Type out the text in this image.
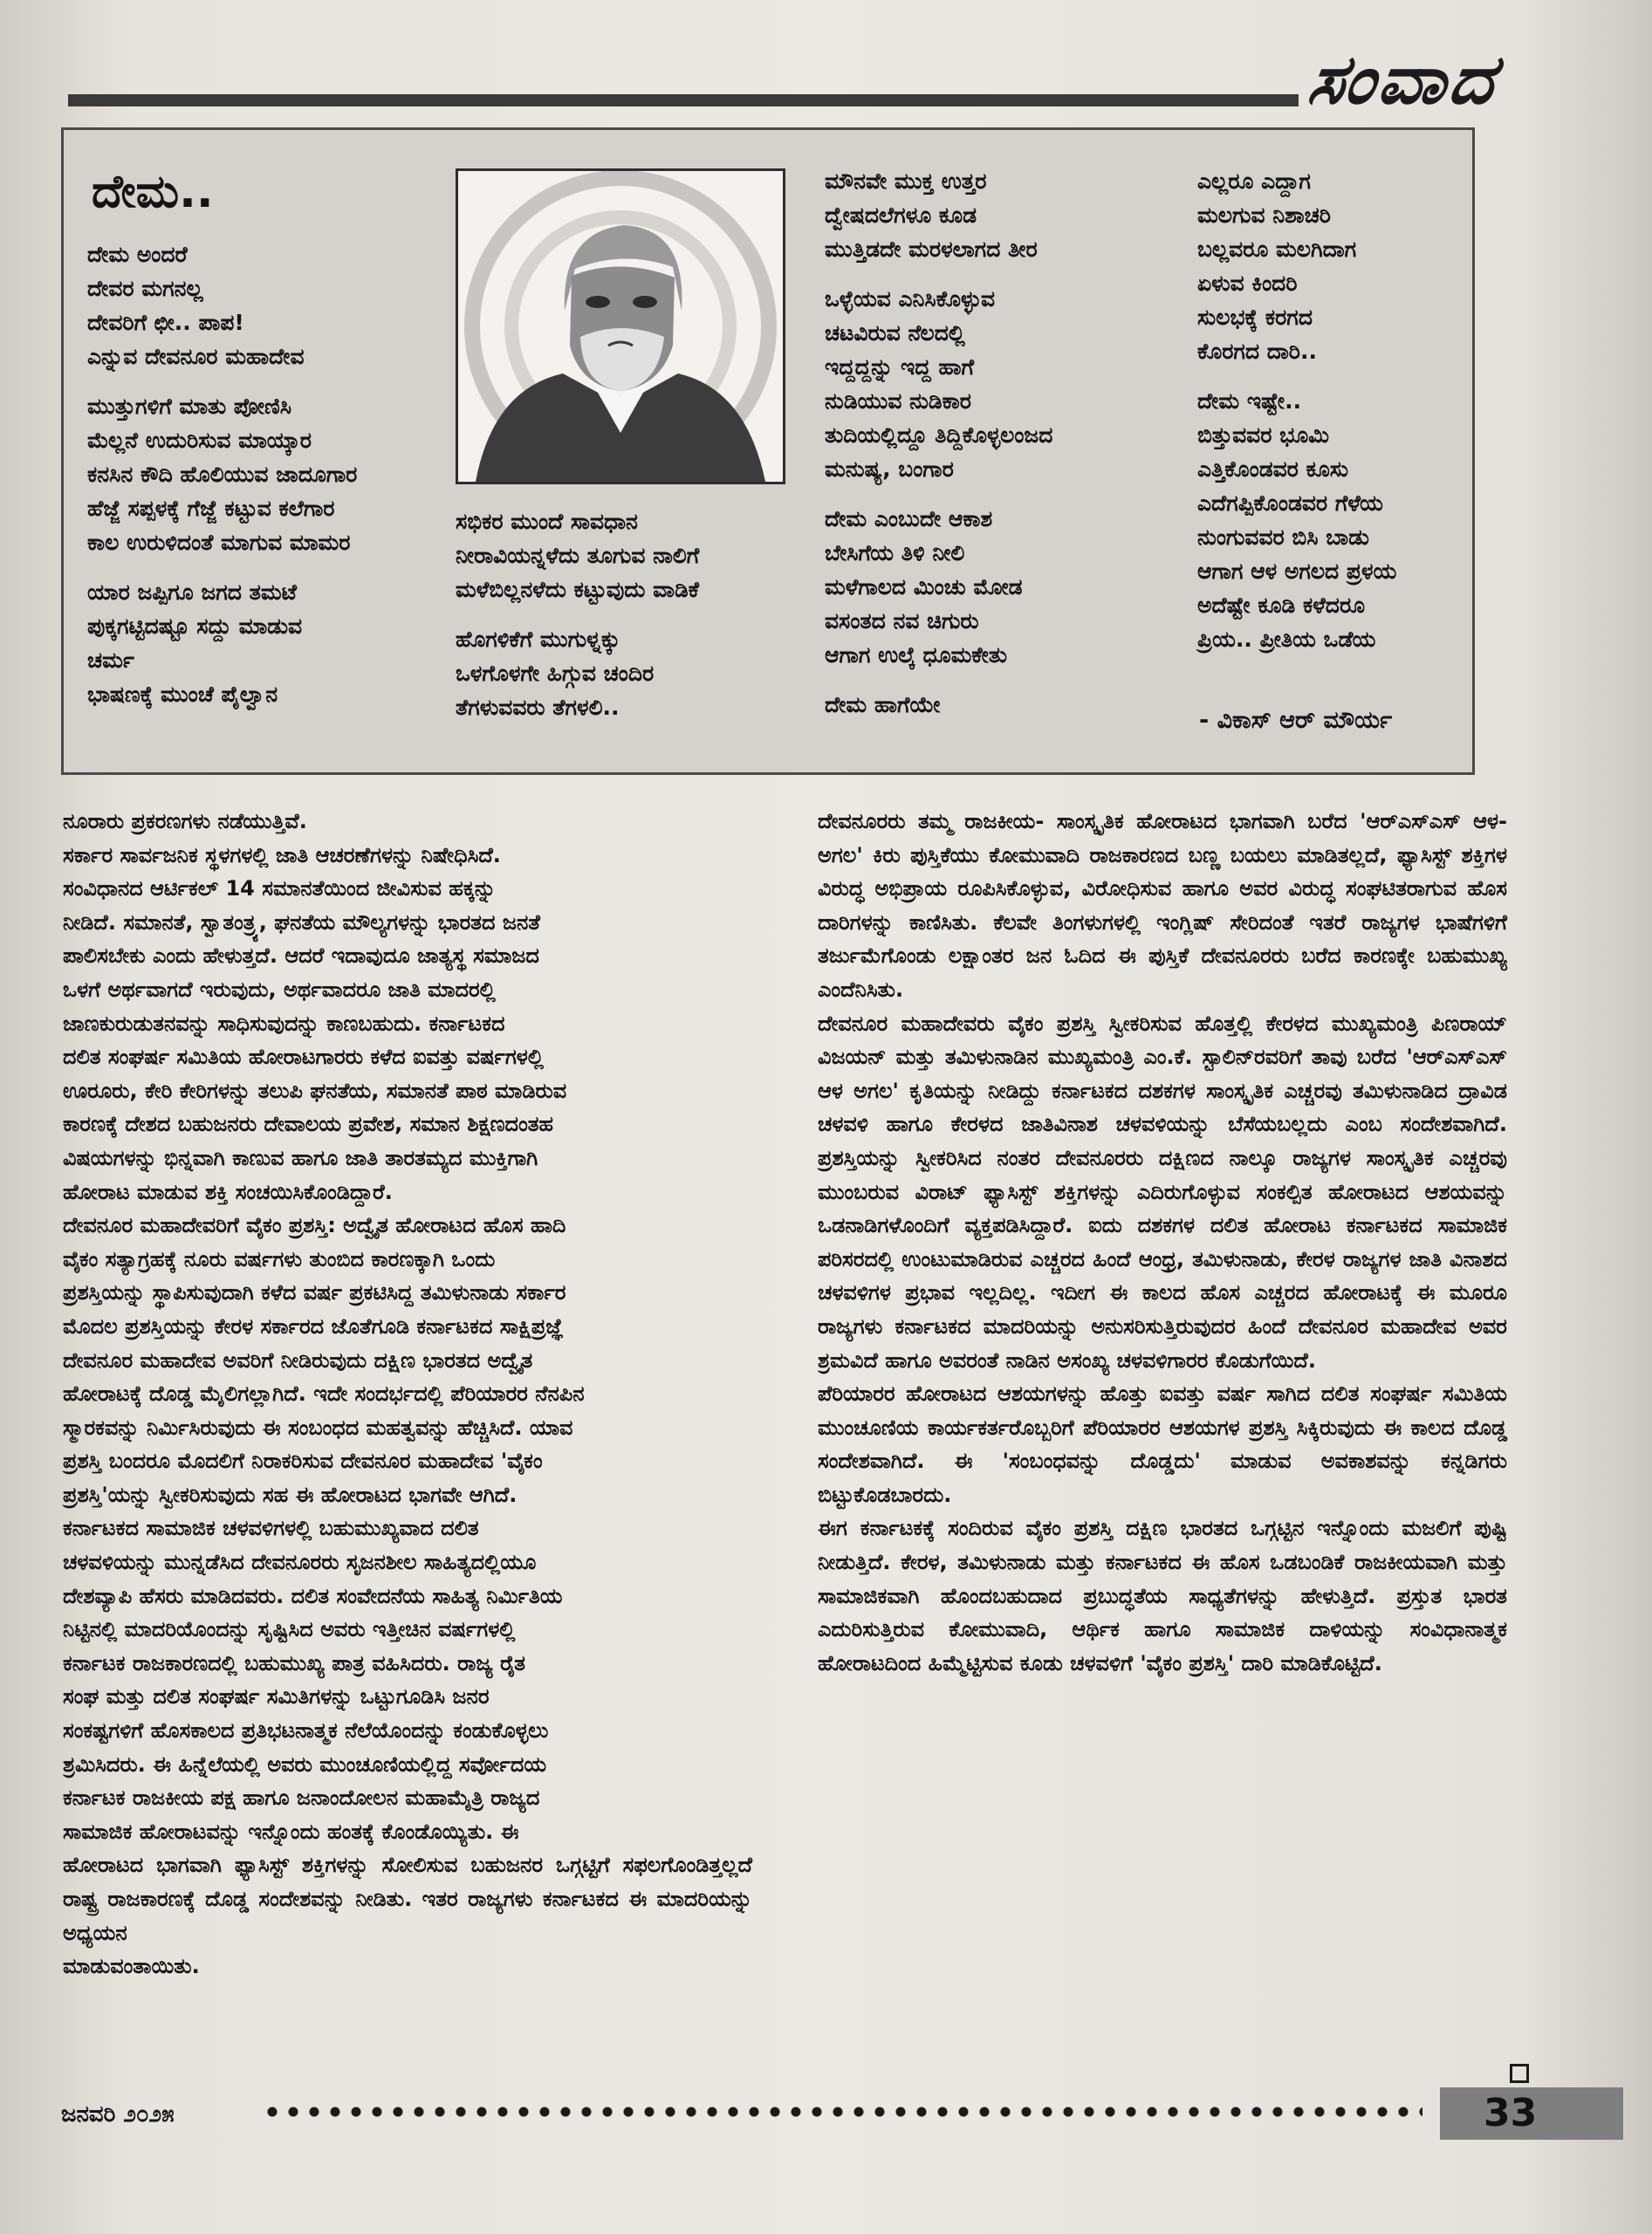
ಸಂವಾದ
ದೇಮ..
ದೇಮ ಅಂದರೆ
ದೇವರ ಮಗನಲ್ಲ
ದೇವರಿಗೆ ಛೀ.. ಪಾಪ!
ಎನ್ನುವ ದೇವನೂರ ಮಹಾದೇವ
ಮುತ್ತುಗಳಿಗೆ ಮಾತು ಪೋಣಿಸಿ
ಮೆಲ್ಲನೆ ಉದುರಿಸುವ ಮಾಯ್ಕಾರ
ಕನಸಿನ ಕೌದಿ ಹೊಲಿಯುವ ಜಾದೂಗಾರ
ಹೆಜ್ಜೆ ಸಪ್ಪಳಕ್ಕೆ ಗೆಜ್ಜೆ ಕಟ್ಟುವ ಕಲೆಗಾರ
ಕಾಲ ಉರುಳಿದಂತೆ ಮಾಗುವ ಮಾಮರ
ಯಾರ ಜಪ್ಪಿಗೂ ಜಗದ ತಮಟೆ
ಪುಕ್ಕಗಟ್ಟಿದಷ್ಟೂ ಸದ್ದು ಮಾಡುವ
ಚರ್ಮ
ಭಾಷಣಕ್ಕೆ ಮುಂಚೆ ಪೈಲ್ವಾನ
ಸಭಿಕರ ಮುಂದೆ ಸಾವಧಾನ
ನೀರಾವಿಯನ್ನಳೆದು ತೂಗುವ ನಾಲಿಗೆ
ಮಳೆಬಿಲ್ಲನಳೆದು ಕಟ್ಟುವುದು ವಾಡಿಕೆ
ಹೊಗಳಿಕೆಗೆ ಮುಗುಳ್ನಕ್ಕು
ಒಳಗೊಳಗೇ ಹಿಗ್ಗುವ ಚಂದಿರ
ತೆಗಳುವವರು ತೆಗಳಲಿ..
ಮೌನವೇ ಮುಕ್ತ ಉತ್ತರ
ದ್ವೇಷದಲೆಗಳೂ ಕೂಡ
ಮುತ್ತಿಡದೇ ಮರಳಲಾಗದ ತೀರ
ಒಳ್ಳೆಯವ ಎನಿಸಿಕೊಳ್ಳುವ
ಚಟವಿರುವ ನೆಲದಲ್ಲಿ
ಇದ್ದದ್ದನ್ನು ಇದ್ದ ಹಾಗೆ
ನುಡಿಯುವ ನುಡಿಕಾರ
ತುದಿಯಲ್ಲಿದ್ದೂ ತಿದ್ದಿಕೊಳ್ಳಲಂಜದ
ಮನುಷ್ಯ, ಬಂಗಾರ
ದೇಮ ಎಂಬುದೇ ಆಕಾಶ
ಬೇಸಿಗೆಯ ತಿಳಿ ನೀಲಿ
ಮಳೆಗಾಲದ ಮಿಂಚು ಮೋಡ
ವಸಂತದ ನವ ಚಿಗುರು
ಆಗಾಗ ಉಲ್ಕೆ ಧೂಮಕೇತು
ದೇಮ ಹಾಗೆಯೇ
ಎಲ್ಲರೂ ಎದ್ದಾಗ
ಮಲಗುವ ನಿಶಾಚರಿ
ಬಲ್ಲವರೂ ಮಲಗಿದಾಗ
ಏಳುವ ಕಿಂದರಿ
ಸುಲಭಕ್ಕೆ ಕರಗದ
ಕೊರಗದ ದಾರಿ..
ದೇಮ ಇಷ್ಟೇ..
ಬಿತ್ತುವವರ ಭೂಮಿ
ಎತ್ತಿಕೊಂಡವರ ಕೂಸು
ಎದೆಗಪ್ಪಿಕೊಂಡವರ ಗೆಳೆಯ
ನುಂಗುವವರ ಬಿಸಿ ಬಾಡು
ಆಗಾಗ ಆಳ ಅಗಲದ ಪ್ರಳಯ
ಅದೆಷ್ಟೇ ಕೂಡಿ ಕಳೆದರೂ
ಪ್ರಿಯ.. ಪ್ರೀತಿಯ ಒಡೆಯ
- ವಿಕಾಸ್ ಆರ್ ಮೌರ್ಯ

ನೂರಾರು ಪ್ರಕರಣಗಳು ನಡೆಯುತ್ತಿವೆ.

ಸರ್ಕಾರ ಸಾರ್ವಜನಿಕ ಸ್ಥಳಗಳಲ್ಲಿ ಜಾತಿ ಆಚರಣೆಗಳನ್ನು ನಿಷೇಧಿಸಿದೆ.

ಸಂವಿಧಾನದ ಆರ್ಟಿಕಲ್ 14 ಸಮಾನತೆಯಿಂದ ಜೀವಿಸುವ ಹಕ್ಕನ್ನು

ನೀಡಿದೆ. ಸಮಾನತೆ, ಸ್ವಾತಂತ್ರ್ಯ, ಘನತೆಯ ಮೌಲ್ಯಗಳನ್ನು ಭಾರತದ ಜನತೆ

ಪಾಲಿಸಬೇಕು ಎಂದು ಹೇಳುತ್ತದೆ. ಆದರೆ ಇದಾವುದೂ ಜಾತ್ಯಸ್ಥ ಸಮಾಜದ

ಒಳಗೆ ಅರ್ಥವಾಗದೆ ಇರುವುದು, ಅರ್ಥವಾದರೂ ಜಾತಿ ಮಾದರಲ್ಲಿ

ಜಾಣಕುರುಡುತನವನ್ನು ಸಾಧಿಸುವುದನ್ನು ಕಾಣಬಹುದು. ಕರ್ನಾಟಕದ

ದಲಿತ ಸಂಘರ್ಷ ಸಮಿತಿಯ ಹೋರಾಟಗಾರರು ಕಳೆದ ಐವತ್ತು ವರ್ಷಗಳಲ್ಲಿ

ಊರೂರು, ಕೇರಿ ಕೇರಿಗಳನ್ನು ತಲುಪಿ ಘನತೆಯ, ಸಮಾನತೆ ಪಾಠ ಮಾಡಿರುವ

ಕಾರಣಕ್ಕೆ ದೇಶದ ಬಹುಜನರು ದೇವಾಲಯ ಪ್ರವೇಶ, ಸಮಾನ ಶಿಕ್ಷಣದಂತಹ

ವಿಷಯಗಳನ್ನು ಭಿನ್ನವಾಗಿ ಕಾಣುವ ಹಾಗೂ ಜಾತಿ ತಾರತಮ್ಯದ ಮುಕ್ತಿಗಾಗಿ

ಹೋರಾಟ ಮಾಡುವ ಶಕ್ತಿ ಸಂಚಯಿಸಿಕೊಂಡಿದ್ದಾರೆ.

ದೇವನೂರ ಮಹಾದೇವರಿಗೆ ವೈಕಂ ಪ್ರಶಸ್ತಿ: ಅದ್ವೈತ ಹೋರಾಟದ ಹೊಸ ಹಾದಿ

ವೈಕಂ ಸತ್ಯಾಗ್ರಹಕ್ಕೆ ನೂರು ವರ್ಷಗಳು ತುಂಬಿದ ಕಾರಣಕ್ಕಾಗಿ ಒಂದು

ಪ್ರಶಸ್ತಿಯನ್ನು ಸ್ಥಾಪಿಸುವುದಾಗಿ ಕಳೆದ ವರ್ಷ ಪ್ರಕಟಿಸಿದ್ದ ತಮಿಳುನಾಡು ಸರ್ಕಾರ

ಮೊದಲ ಪ್ರಶಸ್ತಿಯನ್ನು ಕೇರಳ ಸರ್ಕಾರದ ಜೊತೆಗೂಡಿ ಕರ್ನಾಟಕದ ಸಾಕ್ಷಿಪ್ರಜ್ಞೆ

ದೇವನೂರ ಮಹಾದೇವ ಅವರಿಗೆ ನೀಡಿರುವುದು ದಕ್ಷಿಣ ಭಾರತದ ಅದ್ವೈತ

ಹೋರಾಟಕ್ಕೆ ದೊಡ್ಡ ಮೈಲಿಗಲ್ಲಾಗಿದೆ. ಇದೇ ಸಂದರ್ಭದಲ್ಲಿ ಪೆರಿಯಾರರ ನೆನಪಿನ

ಸ್ಮಾರಕವನ್ನು ನಿರ್ಮಿಸಿರುವುದು ಈ ಸಂಬಂಧದ ಮಹತ್ವವನ್ನು ಹೆಚ್ಚಿಸಿದೆ. ಯಾವ

ಪ್ರಶಸ್ತಿ ಬಂದರೂ ಮೊದಲಿಗೆ ನಿರಾಕರಿಸುವ ದೇವನೂರ ಮಹಾದೇವ 'ವೈಕಂ

ಪ್ರಶಸ್ತಿ'ಯನ್ನು ಸ್ವೀಕರಿಸುವುದು ಸಹ ಈ ಹೋರಾಟದ ಭಾಗವೇ ಆಗಿದೆ.

ಕರ್ನಾಟಕದ ಸಾಮಾಜಿಕ ಚಳವಳಿಗಳಲ್ಲಿ ಬಹುಮುಖ್ಯವಾದ ದಲಿತ

ಚಳವಳಿಯನ್ನು ಮುನ್ನಡೆಸಿದ ದೇವನೂರರು ಸೃಜನಶೀಲ ಸಾಹಿತ್ಯದಲ್ಲಿಯೂ

ದೇಶವ್ಯಾಪಿ ಹೆಸರು ಮಾಡಿದವರು. ದಲಿತ ಸಂವೇದನೆಯ ಸಾಹಿತ್ಯ ನಿರ್ಮಿತಿಯ

ನಿಟ್ಟಿನಲ್ಲಿ ಮಾದರಿಯೊಂದನ್ನು ಸೃಷ್ಟಿಸಿದ ಅವರು ಇತ್ತೀಚಿನ ವರ್ಷಗಳಲ್ಲಿ

ಕರ್ನಾಟಕ ರಾಜಕಾರಣದಲ್ಲಿ ಬಹುಮುಖ್ಯ ಪಾತ್ರ ವಹಿಸಿದರು. ರಾಜ್ಯ ರೈತ

ಸಂಘ ಮತ್ತು ದಲಿತ ಸಂಘರ್ಷ ಸಮಿತಿಗಳನ್ನು ಒಟ್ಟುಗೂಡಿಸಿ ಜನರ

ಸಂಕಷ್ಟಗಳಿಗೆ ಹೊಸಕಾಲದ ಪ್ರತಿಭಟನಾತ್ಮಕ ನೆಲೆಯೊಂದನ್ನು ಕಂಡುಕೊಳ್ಳಲು

ಶ್ರಮಿಸಿದರು. ಈ ಹಿನ್ನೆಲೆಯಲ್ಲಿ ಅವರು ಮುಂಚೂಣಿಯಲ್ಲಿದ್ದ ಸರ್ವೋದಯ

ಕರ್ನಾಟಕ ರಾಜಕೀಯ ಪಕ್ಷ ಹಾಗೂ ಜನಾಂದೋಲನ ಮಹಾಮೈತ್ರಿ ರಾಜ್ಯದ

ಸಾಮಾಜಿಕ ಹೋರಾಟವನ್ನು ಇನ್ನೊಂದು ಹಂತಕ್ಕೆ ಕೊಂಡೊಯ್ಯಿತು. ಈ

ಹೋರಾಟದ ಭಾಗವಾಗಿ ಫ್ಯಾಸಿಸ್ಟ್ ಶಕ್ತಿಗಳನ್ನು ಸೋಲಿಸುವ ಬಹುಜನರ ಒಗ್ಗಟ್ಟಿಗೆ ಸಫಲಗೊಂಡಿತ್ತಲ್ಲದೆ ರಾಷ್ಟ್ರ ರಾಜಕಾರಣಕ್ಕೆ ದೊಡ್ಡ ಸಂದೇಶವನ್ನು ನೀಡಿತು. ಇತರ ರಾಜ್ಯಗಳು ಕರ್ನಾಟಕದ ಈ ಮಾದರಿಯನ್ನು ಅಧ್ಯಯನ

ಮಾಡುವಂತಾಯಿತು.

ದೇವನೂರರು ತಮ್ಮ ರಾಜಕೀಯ- ಸಾಂಸ್ಕೃತಿಕ ಹೋರಾಟದ ಭಾಗವಾಗಿ ಬರೆದ 'ಆರ್‌ಎಸ್‌ಎಸ್ ಆಳ- ಅಗಲ' ಕಿರು ಪುಸ್ತಿಕೆಯು ಕೋಮುವಾದಿ ರಾಜಕಾರಣದ ಬಣ್ಣ ಬಯಲು ಮಾಡಿತಲ್ಲದೆ, ಫ್ಯಾಸಿಸ್ಟ್ ಶಕ್ತಿಗಳ ವಿರುದ್ಧ ಅಭಿಪ್ರಾಯ ರೂಪಿಸಿಕೊಳ್ಳುವ, ವಿರೋಧಿಸುವ ಹಾಗೂ ಅವರ ವಿರುದ್ಧ ಸಂಘಟಿತರಾಗುವ ಹೊಸ ದಾರಿಗಳನ್ನು ಕಾಣಿಸಿತು. ಕೆಲವೇ ತಿಂಗಳುಗಳಲ್ಲಿ ಇಂಗ್ಲಿಷ್ ಸೇರಿದಂತೆ ಇತರೆ ರಾಜ್ಯಗಳ ಭಾಷೆಗಳಿಗೆ ತರ್ಜುಮೆಗೊಂಡು ಲಕ್ಷಾಂತರ ಜನ ಓದಿದ ಈ ಪುಸ್ತಿಕೆ ದೇವನೂರರು ಬರೆದ ಕಾರಣಕ್ಕೇ ಬಹುಮುಖ್ಯ ಎಂದೆನಿಸಿತು.

ದೇವನೂರ ಮಹಾದೇವರು ವೈಕಂ ಪ್ರಶಸ್ತಿ ಸ್ವೀಕರಿಸುವ ಹೊತ್ತಲ್ಲಿ ಕೇರಳದ ಮುಖ್ಯಮಂತ್ರಿ ಪಿಣರಾಯ್ ವಿಜಯನ್ ಮತ್ತು ತಮಿಳುನಾಡಿನ ಮುಖ್ಯಮಂತ್ರಿ ಎಂ.ಕೆ. ಸ್ಟಾಲಿನ್‌ರವರಿಗೆ ತಾವು ಬರೆದ 'ಆರ್‌ಎಸ್‌ಎಸ್ ಆಳ ಅಗಲ' ಕೃತಿಯನ್ನು ನೀಡಿದ್ದು ಕರ್ನಾಟಕದ ದಶಕಗಳ ಸಾಂಸ್ಕೃತಿಕ ಎಚ್ಚರವು ತಮಿಳುನಾಡಿದ ದ್ರಾವಿಡ ಚಳವಳಿ ಹಾಗೂ ಕೇರಳದ ಜಾತಿವಿನಾಶ ಚಳವಳಿಯನ್ನು ಬೆಸೆಯಬಲ್ಲದು ಎಂಬ ಸಂದೇಶವಾಗಿದೆ. ಪ್ರಶಸ್ತಿಯನ್ನು ಸ್ವೀಕರಿಸಿದ ನಂತರ ದೇವನೂರರು ದಕ್ಷಿಣದ ನಾಲ್ಕೂ ರಾಜ್ಯಗಳ ಸಾಂಸ್ಕೃತಿಕ ಎಚ್ಚರವು ಮುಂಬರುವ ವಿರಾಟ್ ಫ್ಯಾಸಿಸ್ಟ್ ಶಕ್ತಿಗಳನ್ನು ಎದಿರುಗೊಳ್ಳುವ ಸಂಕಲ್ಪಿತ ಹೋರಾಟದ ಆಶಯವನ್ನು ಒಡನಾಡಿಗಳೊಂದಿಗೆ ವ್ಯಕ್ತಪಡಿಸಿದ್ದಾರೆ. ಐದು ದಶಕಗಳ ದಲಿತ ಹೋರಾಟ ಕರ್ನಾಟಕದ ಸಾಮಾಜಿಕ ಪರಿಸರದಲ್ಲಿ ಉಂಟುಮಾಡಿರುವ ಎಚ್ಚರದ ಹಿಂದೆ ಆಂಧ್ರ, ತಮಿಳುನಾಡು, ಕೇರಳ ರಾಜ್ಯಗಳ ಜಾತಿ ವಿನಾಶದ ಚಳವಳಿಗಳ ಪ್ರಭಾವ ಇಲ್ಲದಿಲ್ಲ. ಇದೀಗ ಈ ಕಾಲದ ಹೊಸ ಎಚ್ಚರದ ಹೋರಾಟಕ್ಕೆ ಈ ಮೂರೂ ರಾಜ್ಯಗಳು ಕರ್ನಾಟಕದ ಮಾದರಿಯನ್ನು ಅನುಸರಿಸುತ್ತಿರುವುದರ ಹಿಂದೆ ದೇವನೂರ ಮಹಾದೇವ ಅವರ ಶ್ರಮವಿದೆ ಹಾಗೂ ಅವರಂತೆ ನಾಡಿನ ಅಸಂಖ್ಯ ಚಳವಳಿಗಾರರ ಕೊಡುಗೆಯಿದೆ.

ಪೆರಿಯಾರರ ಹೋರಾಟದ ಆಶಯಗಳನ್ನು ಹೊತ್ತು ಐವತ್ತು ವರ್ಷ ಸಾಗಿದ ದಲಿತ ಸಂಘರ್ಷ ಸಮಿತಿಯ ಮುಂಚೂಣಿಯ ಕಾರ್ಯಕರ್ತರೊಬ್ಬರಿಗೆ ಪೆರಿಯಾರರ ಆಶಯಗಳ ಪ್ರಶಸ್ತಿ ಸಿಕ್ಕಿರುವುದು ಈ ಕಾಲದ ದೊಡ್ಡ ಸಂದೇಶವಾಗಿದೆ. ಈ 'ಸಂಬಂಧವನ್ನು ದೊಡ್ಡದು' ಮಾಡುವ ಅವಕಾಶವನ್ನು ಕನ್ನಡಿಗರು ಬಿಟ್ಟುಕೊಡಬಾರದು.

ಈಗ ಕರ್ನಾಟಕಕ್ಕೆ ಸಂದಿರುವ ವೈಕಂ ಪ್ರಶಸ್ತಿ ದಕ್ಷಿಣ ಭಾರತದ ಒಗ್ಗಟ್ಟಿನ ಇನ್ನೊಂದು ಮಜಲಿಗೆ ಪುಷ್ಟಿ ನೀಡುತ್ತಿದೆ. ಕೇರಳ, ತಮಿಳುನಾಡು ಮತ್ತು ಕರ್ನಾಟಕದ ಈ ಹೊಸ ಒಡಬಂಡಿಕೆ ರಾಜಕೀಯವಾಗಿ ಮತ್ತು ಸಾಮಾಜಿಕವಾಗಿ ಹೊಂದಬಹುದಾದ ಪ್ರಬುದ್ಧತೆಯ ಸಾಧ್ಯತೆಗಳನ್ನು ಹೇಳುತ್ತಿದೆ. ಪ್ರಸ್ತುತ ಭಾರತ ಎದುರಿಸುತ್ತಿರುವ ಕೋಮುವಾದಿ, ಆರ್ಥಿಕ ಹಾಗೂ ಸಾಮಾಜಿಕ ದಾಳಿಯನ್ನು ಸಂವಿಧಾನಾತ್ಮಕ ಹೋರಾಟದಿಂದ ಹಿಮ್ಮೆಟ್ಟಿಸುವ ಕೂಡು ಚಳವಳಿಗೆ 'ವೈಕಂ ಪ್ರಶಸ್ತಿ' ದಾರಿ ಮಾಡಿಕೊಟ್ಟಿದೆ.

ಜನವರಿ ೨೦೨೫	33
